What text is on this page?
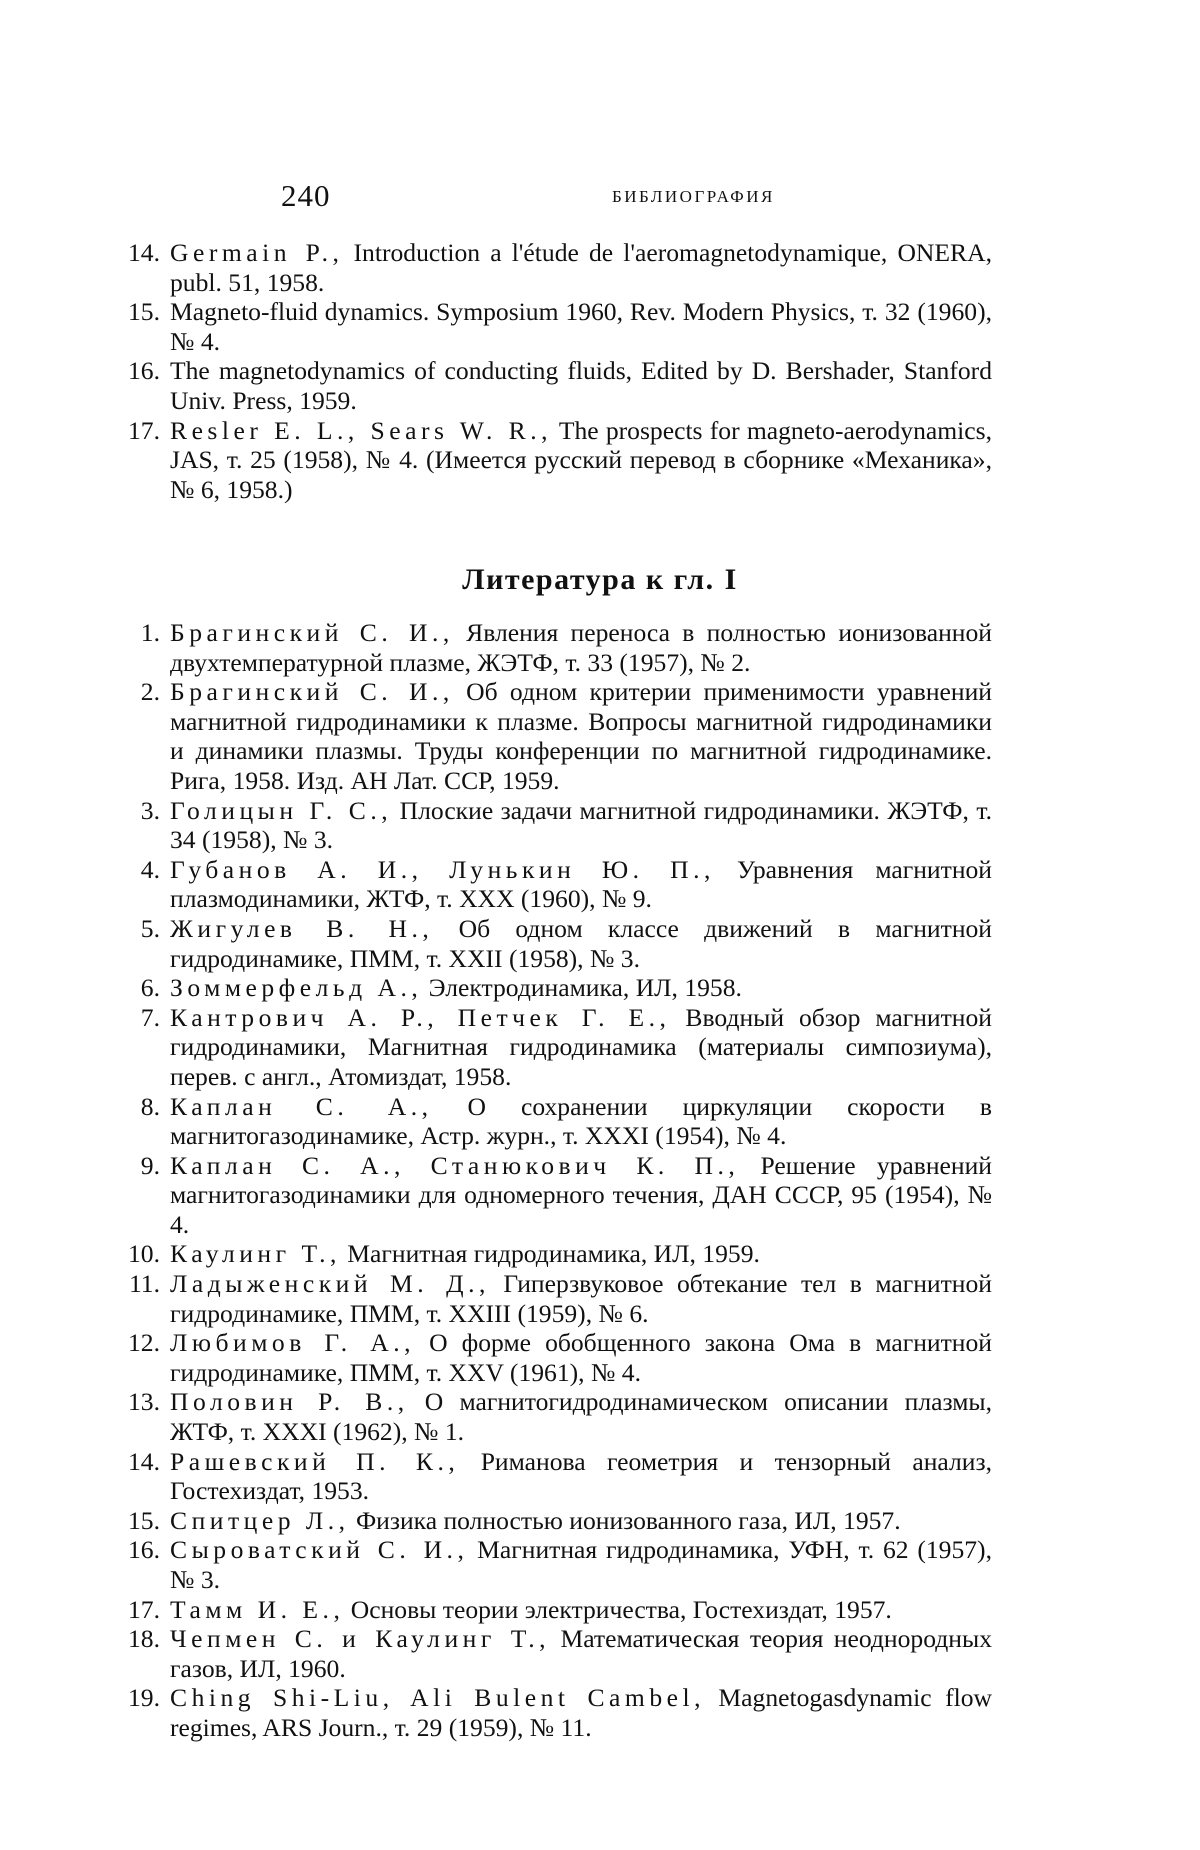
240	БИБЛИОГРАФИЯ
14. Germain P., Introduction a l'étude de l'aeromagnetodynamique, ONERA, publ. 51, 1958.
15. Magneto-fluid dynamics. Symposium 1960, Rev. Modern Physics, т. 32 (1960), № 4.
16. The magnetodynamics of conducting fluids, Edited by D. Bershader, Stanford Univ. Press, 1959.
17. Resler E. L., Sears W. R., The prospects for magneto-aerodynamics, JAS, т. 25 (1958), № 4. (Имеется русский перевод в сборнике «Механика», № 6, 1958.)
Литература к гл. I
1. Брагинский С. И., Явления переноса в полностью ионизованной двухтемпературной плазме, ЖЭТФ, т. 33 (1957), № 2.
2. Брагинский С. И., Об одном критерии применимости уравнений магнитной гидродинамики к плазме. Вопросы магнитной гидродинамики и динамики плазмы. Труды конференции по магнитной гидродинамике. Рига, 1958. Изд. АН Лат. ССР, 1959.
3. Голицын Г. С., Плоские задачи магнитной гидродинамики. ЖЭТФ, т. 34 (1958), № 3.
4. Губанов А. И., Лунькин Ю. П., Уравнения магнитной плазмодинамики, ЖТФ, т. XXX (1960), № 9.
5. Жигулев В. Н., Об одном классе движений в магнитной гидродинамике, ПММ, т. XXII (1958), № 3.
6. Зоммерфельд А., Электродинамика, ИЛ, 1958.
7. Кантрович А. Р., Петчек Г. Е., Вводный обзор магнитной гидродинамики, Магнитная гидродинамика (материалы симпозиума), перев. с англ., Атомиздат, 1958.
8. Каплан С. А., О сохранении циркуляции скорости в магнитогазодинамике, Астр. журн., т. XXXI (1954), № 4.
9. Каплан С. А., Станюкович К. П., Решение уравнений магнитогазодинамики для одномерного течения, ДАН СССР, 95 (1954), № 4.
10. Каулинг Т., Магнитная гидродинамика, ИЛ, 1959.
11. Ладыженский М. Д., Гиперзвуковое обтекание тел в магнитной гидродинамике, ПММ, т. XXIII (1959), № 6.
12. Любимов Г. А., О форме обобщенного закона Ома в магнитной гидродинамике, ПММ, т. XXV (1961), № 4.
13. Половин Р. В., О магнитогидродинамическом описании плазмы, ЖТФ, т. XXXI (1962), № 1.
14. Рашевский П. К., Риманова геометрия и тензорный анализ, Гостехиздат, 1953.
15. Спитцер Л., Физика полностью ионизованного газа, ИЛ, 1957.
16. Сыроватский С. И., Магнитная гидродинамика, УФН, т. 62 (1957), № 3.
17. Тамм И. Е., Основы теории электричества, Гостехиздат, 1957.
18. Чепмен С. и Каулинг Т., Математическая теория неоднородных газов, ИЛ, 1960.
19. Ching Shi-Liu, Ali Bulent Cambel, Magnetogasdynamic flow regimes, ARS Journ., т. 29 (1959), № 11.
